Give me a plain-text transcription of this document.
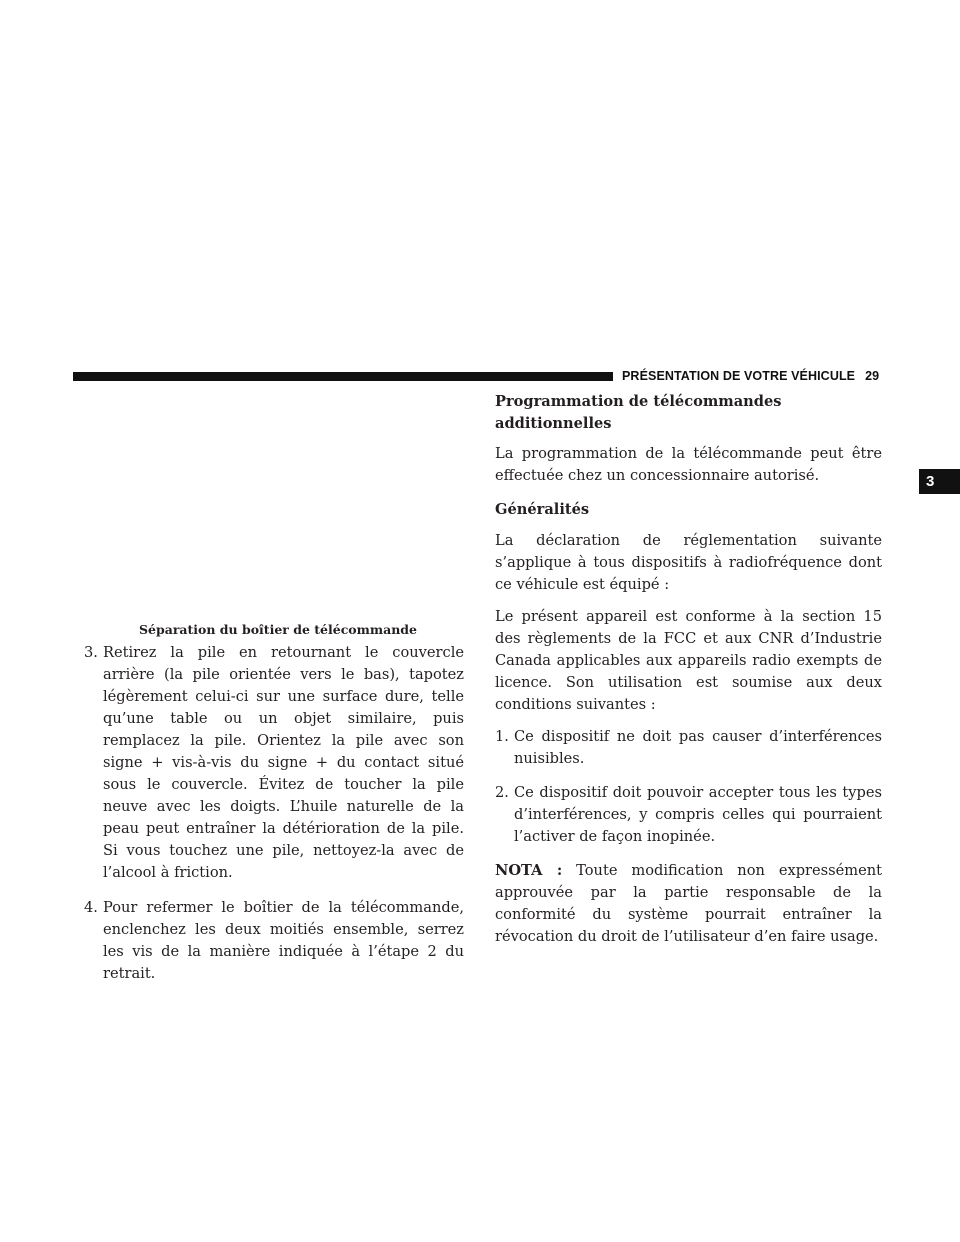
PRÉSENTATION DE VOTRE VÉHICULE 29
3
Séparation du boîtier de télécommande
3. Retirez la pile en retournant le couvercle arrière (la pile orientée vers le bas), tapotez légèrement celui-ci sur une surface dure, telle qu’une table ou un objet similaire, puis remplacez la pile. Orientez la pile avec son signe + vis-à-vis du signe + du contact situé sous le couvercle. Évitez de toucher la pile neuve avec les doigts. L’huile naturelle de la peau peut entraîner la détérioration de la pile. Si vous touchez une pile, nettoyez-la avec de l’alcool à friction.
4. Pour refermer le boîtier de la télécommande, enclenchez les deux moitiés ensemble, serrez les vis de la manière indiquée à l’étape 2 du retrait.
Programmation de télécommandes additionnelles

La programmation de la télécommande peut être effectuée chez un concessionnaire autorisé.

Généralités

La déclaration de réglementation suivante s’applique à tous dispositifs à radiofréquence dont ce véhicule est équipé :

Le présent appareil est conforme à la section 15 des règlements de la FCC et aux CNR d’Industrie Canada applicables aux appareils radio exempts de licence. Son utilisation est soumise aux deux conditions suivantes :

1. Ce dispositif ne doit pas causer d’interférences nuisibles.
2. Ce dispositif doit pouvoir accepter tous les types d’interférences, y compris celles qui pourraient l’activer de façon inopinée.

NOTA : Toute modification non expressément approuvée par la partie responsable de la conformité du système pourrait entraîner la révocation du droit de l’utilisateur d’en faire usage.
